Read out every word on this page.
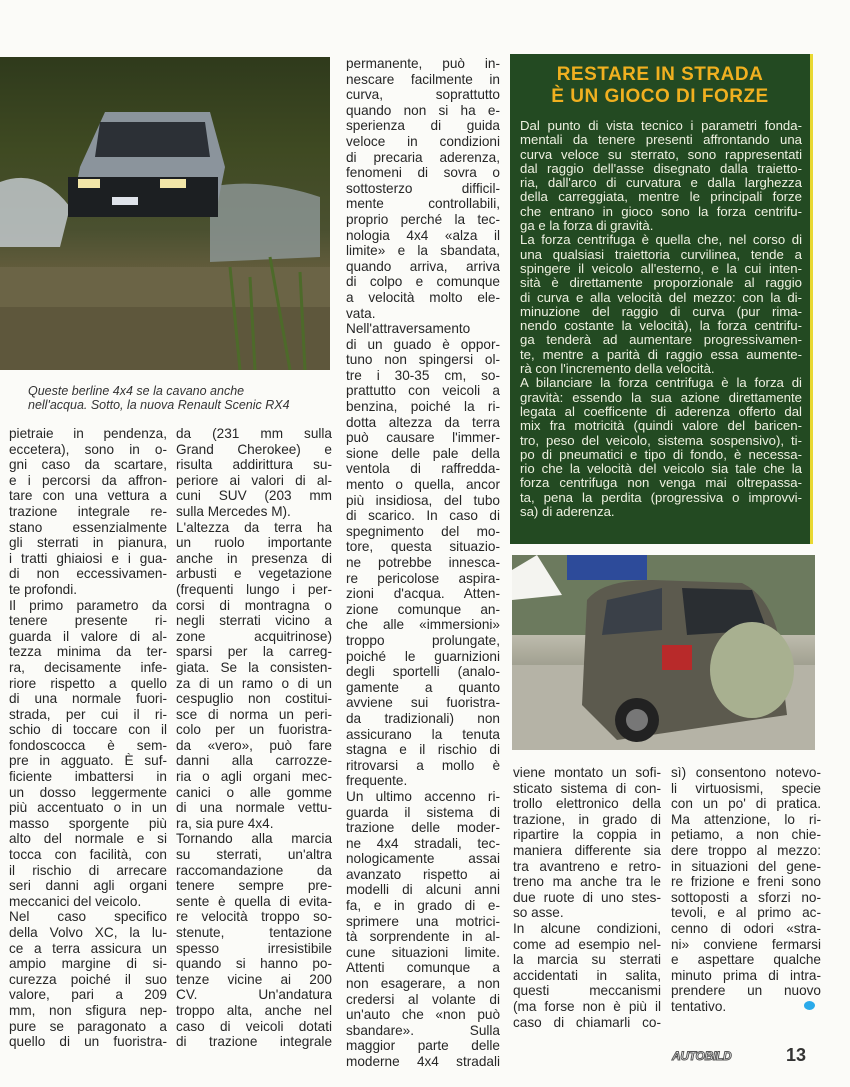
Queste berline 4x4 se la cavano anche
nell'acqua. Sotto, la nuova Renault Scenic RX4
pietraie in pendenza,
eccetera), sono in o-
gni caso da scartare,
e i percorsi da affron-
tare con una vettura a
trazione integrale re-
stano essenzialmente
gli sterrati in pianura,
i tratti ghiaiosi e i gua-
di non eccessivamen-
te profondi.
Il primo parametro da
tenere presente ri-
guarda il valore di al-
tezza minima da ter-
ra, decisamente infe-
riore rispetto a quello
di una normale fuori-
strada, per cui il ri-
schio di toccare con il
fondoscocca è sem-
pre in agguato. È suf-
ficiente imbattersi in
un dosso leggermente
più accentuato o in un
masso sporgente più
alto del normale e si
tocca con facilità, con
il rischio di arrecare
seri danni agli organi
meccanici del veicolo.
Nel caso specifico
della Volvo XC, la lu-
ce a terra assicura un
ampio margine di si-
curezza poiché il suo
valore, pari a 209
mm, non sfigura nep-
pure se paragonato a
quello di un fuoristra-
da (231 mm sulla
Grand Cherokee) e
risulta addirittura su-
periore ai valori di al-
cuni SUV (203 mm
sulla Mercedes M).
L'altezza da terra ha
un ruolo importante
anche in presenza di
arbusti e vegetazione
(frequenti lungo i per-
corsi di montragna o
negli sterrati vicino a
zone acquitrinose)
sparsi per la carreg-
giata. Se la consisten-
za di un ramo o di un
cespuglio non costitui-
sce di norma un peri-
colo per un fuoristra-
da «vero», può fare
danni alla carrozze-
ria o agli organi mec-
canici o alle gomme
di una normale vettu-
ra, sia pure 4x4.
Tornando alla marcia
su sterrati, un'altra
raccomandazione da
tenere sempre pre-
sente è quella di evita-
re velocità troppo so-
stenute, tentazione
spesso irresistibile
quando si hanno po-
tenze vicine ai 200
CV. Un'andatura
troppo alta, anche nel
caso di veicoli dotati
di trazione integrale
permanente, può in-
nescare facilmente in
curva, soprattutto
quando non si ha e-
sperienza di guida
veloce in condizioni
di precaria aderenza,
fenomeni di sovra o
sottosterzo difficil-
mente controllabili,
proprio perché la tec-
nologia 4x4 «alza il
limite» e la sbandata,
quando arriva, arriva
di colpo e comunque
a velocità molto ele-
vata.
Nell'attraversamento
di un guado è oppor-
tuno non spingersi ol-
tre i 30-35 cm, so-
prattutto con veicoli a
benzina, poiché la ri-
dotta altezza da terra
può causare l'immer-
sione delle pale della
ventola di raffredda-
mento o quella, ancor
più insidiosa, del tubo
di scarico. In caso di
spegnimento del mo-
tore, questa situazio-
ne potrebbe innesca-
re pericolose aspira-
zioni d'acqua. Atten-
zione comunque an-
che alle «immersioni»
troppo prolungate,
poiché le guarnizioni
degli sportelli (analo-
gamente a quanto
avviene sui fuoristra-
da tradizionali) non
assicurano la tenuta
stagna e il rischio di
ritrovarsi a mollo è
frequente.
Un ultimo accenno ri-
guarda il sistema di
trazione delle moder-
ne 4x4 stradali, tec-
nologicamente assai
avanzato rispetto ai
modelli di alcuni anni
fa, e in grado di e-
sprimere una motrici-
tà sorprendente in al-
cune situazioni limite.
Attenti comunque a
non esagerare, a non
credersi al volante di
un'auto che «non può
sbandare». Sulla
maggior parte delle
moderne 4x4 stradali
viene montato un sofi-
sticato sistema di con-
trollo elettronico della
trazione, in grado di
ripartire la coppia in
maniera differente sia
tra avantreno e retro-
treno ma anche tra le
due ruote di uno stes-
so asse.
In alcune condizioni,
come ad esempio nel-
la marcia su sterrati
accidentati in salita,
questi meccanismi
(ma forse non è più il
caso di chiamarli co-
sì) consentono notevo-
li virtuosismi, specie
con un po' di pratica.
Ma attenzione, lo ri-
petiamo, a non chie-
dere troppo al mezzo:
in situazioni del gene-
re frizione e freni sono
sottoposti a sforzi no-
tevoli, e al primo ac-
cenno di odori «stra-
ni» conviene fermarsi
e aspettare qualche
minuto prima di intra-
prendere un nuovo
tentativo.
RESTARE IN STRADA
È UN GIOCO DI FORZE
Dal punto di vista tecnico i parametri fonda-
mentali da tenere presenti affrontando una
curva veloce su sterrato, sono rappresentati
dal raggio dell'asse disegnato dalla traietto-
ria, dall'arco di curvatura e dalla larghezza
della carreggiata, mentre le principali forze
che entrano in gioco sono la forza centrifu-
ga e la forza di gravità.
La forza centrifuga è quella che, nel corso di
una qualsiasi traiettoria curvilinea, tende a
spingere il veicolo all'esterno, e la cui inten-
sità è direttamente proporzionale al raggio
di curva e alla velocità del mezzo: con la di-
minuzione del raggio di curva (pur rima-
nendo costante la velocità), la forza centrifu-
ga tenderà ad aumentare progressivamen-
te, mentre a parità di raggio essa aumente-
rà con l'incremento della velocità.
A bilanciare la forza centrifuga è la forza di
gravità: essendo la sua azione direttamente
legata al coefficente di aderenza offerto dal
mix fra motricità (quindi valore del baricen-
tro, peso del veicolo, sistema sospensivo), ti-
po di pneumatici e tipo di fondo, è necessa-
rio che la velocità del veicolo sia tale che la
forza centrifuga non venga mai oltrepassa-
ta, pena la perdita (progressiva o improvvi-
sa) di aderenza.
AUTOBILD	13
